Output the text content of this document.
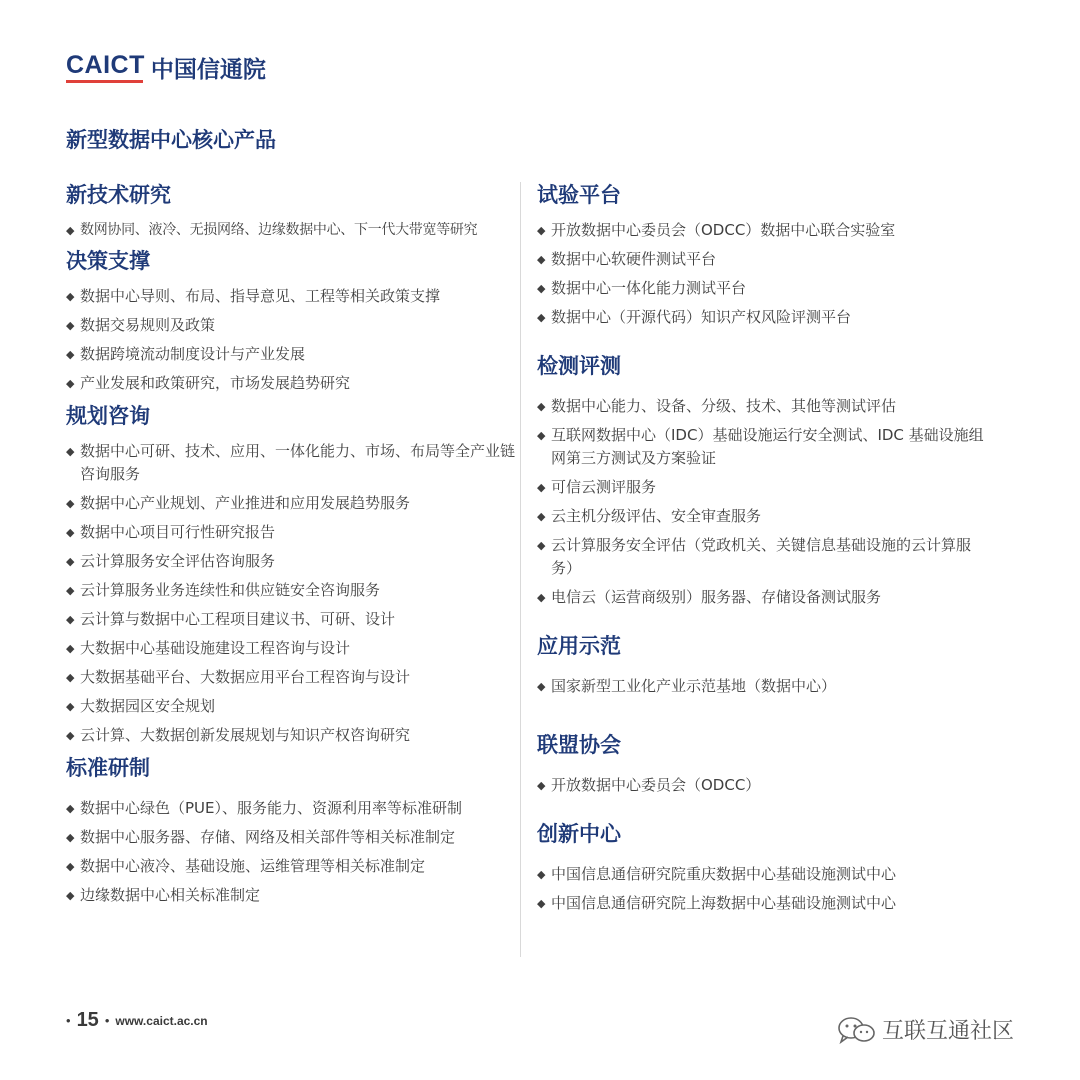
CAICT 中国信通院
新型数据中心核心产品
新技术研究
◆ 数网协同、液冷、无损网络、边缘数据中心、下一代大带宽等研究
决策支撑
◆ 数据中心导则、布局、指导意见、工程等相关政策支撑
◆ 数据交易规则及政策
◆ 数据跨境流动制度设计与产业发展
◆ 产业发展和政策研究，市场发展趋势研究
规划咨询
◆ 数据中心可研、技术、应用、一体化能力、市场、布局等全产业链咨询服务
◆ 数据中心产业规划、产业推进和应用发展趋势服务
◆ 数据中心项目可行性研究报告
◆ 云计算服务安全评估咨询服务
◆ 云计算服务业务连续性和供应链安全咨询服务
◆ 云计算与数据中心工程项目建议书、可研、设计
◆ 大数据中心基础设施建设工程咨询与设计
◆ 大数据基础平台、大数据应用平台工程咨询与设计
◆ 大数据园区安全规划
◆ 云计算、大数据创新发展规划与知识产权咨询研究
标准研制
◆ 数据中心绿色（PUE）、服务能力、资源利用率等标准研制
◆ 数据中心服务器、存储、网络及相关部件等相关标准制定
◆ 数据中心液冷、基础设施、运维管理等相关标准制定
◆ 边缘数据中心相关标准制定
试验平台
◆ 开放数据中心委员会（ODCC）数据中心联合实验室
◆ 数据中心软硬件测试平台
◆ 数据中心一体化能力测试平台
◆ 数据中心（开源代码）知识产权风险评测平台
检测评测
◆ 数据中心能力、设备、分级、技术、其他等测试评估
◆ 互联网数据中心（IDC）基础设施运行安全测试、IDC 基础设施组网第三方测试及方案验证
◆ 可信云测评服务
◆ 云主机分级评估、安全审查服务
◆ 云计算服务安全评估（党政机关、关键信息基础设施的云计算服务）
◆ 电信云（运营商级别）服务器、存储设备测试服务
应用示范
◆ 国家新型工业化产业示范基地（数据中心）
联盟协会
◆ 开放数据中心委员会（ODCC）
创新中心
◆ 中国信息通信研究院重庆数据中心基础设施测试中心
◆ 中国信息通信研究院上海数据中心基础设施测试中心
• 15 • www.caict.ac.cn	互联互通社区
